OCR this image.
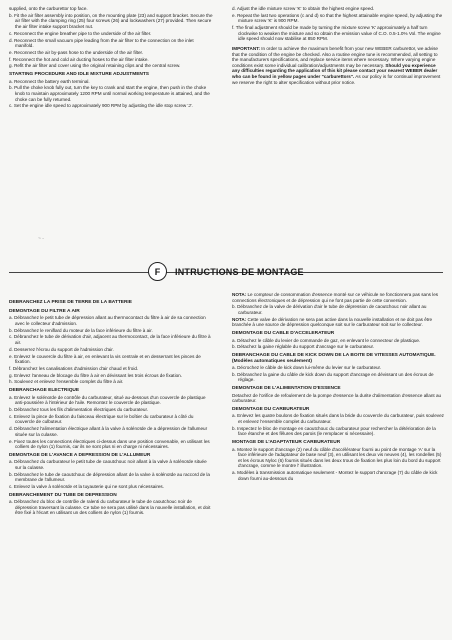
supplied, onto the carburettor top face.

b. Fit the air filter assembly into position, on the mounting plate (23) and support bracket. Secure the air filter with the clamping ring (25) four screws (26) and lockwashers (27) provided. Then secure the air filter intake support bracket nut.

c. Reconnect the engine breather pipe to the underside of the air filter.

d. Reconnect the small vacuum pipe leading from the air filter to the connection on the inlet manifold.

e. Reconnect the air by-pass hose to the underside of the air filter.

f. Reconnect the hot and cold air ducting hoses to the air filter intake.

g. Refit the air filter and cover using the original retaining clips and the central screw.

STARTING PROCEDURE AND IDLE MIXTURE ADJUSTMENTS

a. Reconnect the battery earth terminal.

b. Pull the choke knob fully out, turn the key to crank and start the engine, then push in the choke knob to maintain approximately 1200 RPM until normal working temperature is attained, and the choke can be fully returned.

c. Set the engine idle speed to approximately 900 RPM by adjusting the idle stop screw 'J'.

d. Adjust the idle mixture screw 'K' to obtain the highest engine speed.

e. Repeat the last two operations (c and d) so that the highest attainable engine speed, by adjusting the mixture screw 'K' is 900 RPM.

f. The final adjustment should be made by turning the mixture screw 'K' approximately a half turn clockwise to weaken the mixture and so obtain the emission value of C.O. 0.5-1.0% Vol. The engine idle speed should now stabilise at 850 RPM.

IMPORTANT: In order to achieve the maximum benefit from your new WEBER carburettor, we advise that the condition of the engine be checked. Also a routine engine tune is recommended, all setting to the manufacturers specifications, and replace service items where necessary. Where varying engine conditions exist some individual calibration/adjustments may be necessary. Should you experience any difficulties regarding the application of this kit please contact your nearest WEBER dealer who can be found in yellow pages under "carburettors". As our policy is for continual improvement we reserve the right to alter specification without prior notice.

~ -
F	INTRUCTIONS DE MONTAGE
DEBRANCHEZ LA PRISE DE TERRE DE LA BATTERIE
DEMONTAGE DU FILTRE A AIR

a. Débranchez le petit tube de dépression allant au thermocontact du filtre à air de sa connection avec le collecteur d'admission.

b. Débranchez le reniflard du moteur de la face inférieure du filtre à air.

c. Débranchez le tube de dérivation d'air, adjacent au thermocontact, de la face inférieure du filtre à air.

d. Desserrez l'écrou du support de l'admission d'air.

e. Enlevez le couvercle du filtre à air, en enlevant la vis centrale et en desserrant les pinces de fixation.

f. Débranchez les canalisations d'admission d'air chaud et froid.

g. Enlevez l'anneau de blocage du filtre à air en dévissant les trois écrous de fixation.

h. Soulevez et enlevez l'ensemble complet du filtre à air.

DEBRANCHAGE ELECTRIQUE

a. Enlevez le solénoïde de contrôle du carburateur, situé au-dessous d'un couvercle de plastique anti-poussière à l'intérieur de l'aile. Remontez le couvercle de plastique.

b. Débranchez tous les fils d'alimentation électriques du carburateur.

c. Enlevez la pince de fixation du faisceau électrique sur le boîtier du carburateur à côté du couvercle de culbuteur.

d. Débranchez l'alimentation électrique allant à la valve à solénoïde de a dépression de l'allumeur située sur la culasse.

e. Fixez toutes les connections électriques ci-dessus dans une position convenable, en utilisant les colliers de nylon (1) fournis, car ils ne sont plus ni en charge ni nécessaires.

DEMONTAGE DE L'AVANCE A DEPRESSION DE L'ALLUMEUR

a. Débranchez du carburateur le petit tube de caoutchouc noir allant à la valve à solénoïde située sur la culasse.

b. Débranchez le tube de caoutchouc de dépression allant de la valve à solénoïde au raccord de la membrane de l'allumeur.

c. Enlevez la valve à solénoïde et la tuyauterie qui ne sont plus nécessaires.

DEBRANCHEMENT DU TUBE DE DEPRESSION

a. Débranchez du bloc de contrôle de ralenti du carburateur le tube de caoutchouc noir de dépression traversant la culasse. Ce tube ne sera pas utilisé dans la nouvelle installation, et doit être fixé à l'écart en utilisant un des colliers de nylon (1) fournis.

NOTA: Le compteur de consommation d'essence monté sur ce véhicule ne fonctionnera pas sans les connections électroniques et de dépression qui ne font pas partie de cette conversion.

b. Débranchez de la valve de dérivation d'air le tube de dépression de caoutchouc noir allant au carburateur.

NOTA: Cette valve de dérivation ne sera pas active dans la nouvelle installation et ne doit pas être branchée à une source de dépression quelconque soit sur le carburateur soit sur le collecteur.

DEMONTAGE DU CABLE D'ACCELERATEUR

a. Détachez le câble du levier de commande de gaz, en enlevant le connecteur de plastique.

b. Détachez la gaine réglable du support d'ancrage sur le carburateur.

DEBRANCHAGE DU CABLE DE KICK DOWN DE LA BOITE DE VITESSES AUTOMATIQUE. (Modèles automatiques seulement)

a. Décrochez le câble de kick down lui-même du levier sur le carburateur.

b. Débranchez la gaine du câble de kick down du support d'ancrage en dévissant un des écrous de réglage.

DEMONTAGE DE L'ALIMENTATION D'ESSENCE

Detachez de l'orifice de refoulement de la pompe d'essence la durite d'alimentation d'essence allant au carburateur.

DEMONTAGE DU CARBURATEUR

a. Enlevez les quatre boulons de fixation situés dans la bride du couvercle du carburateur, puis soulevez et enlevez l'ensemble complet du carburateur.

b. Inspectez le bloc de montage en caoutchouc du carburateur pour rechercher la détérioration de la face étanche et des fêlures des parois (le remplacer si nécessaire).

MONTAGE DE L'ADAPTATEUR CARBURATEUR

a. Montez le support d'ancrage (2) neuf du câble d'accélérateur fourni au point de montage 'A' sur la face inférieure de l'adaptateur de base neuf (3), en utilisant les deux vis neuves (4), les rondelles (5) et les écrous Nyloc (6) fournis situés dans les deux trous de fixation les plus loin du bord du support d'ancrage, comme le montre l' illustration.

a. Modèles à transmission automatique seulement - Montez le support d'ancrage (7) du câble de kick down fourni au-dessous du
